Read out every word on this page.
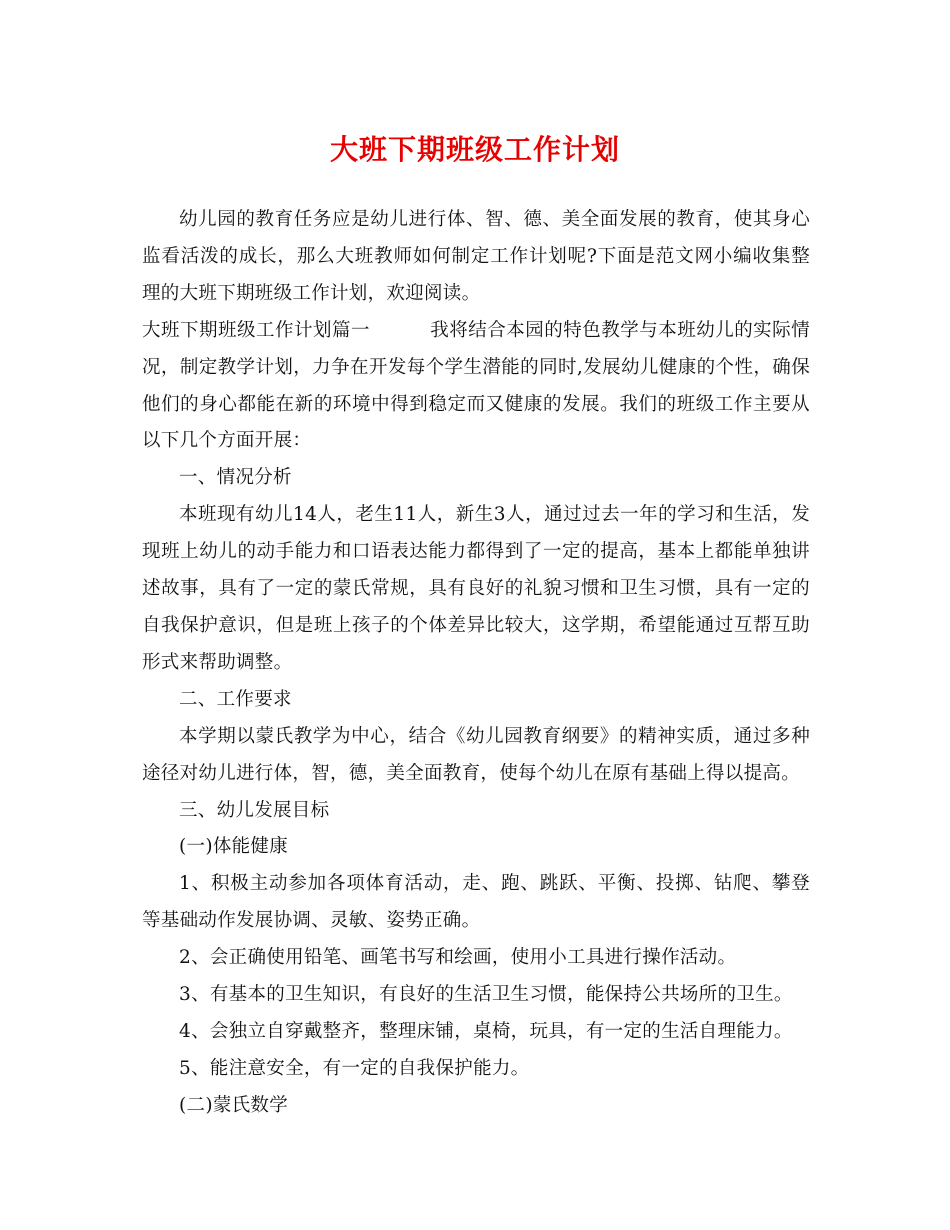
大班下期班级工作计划

幼儿园的教育任务应是幼儿进行体、智、德、美全面发展的教育，使其身心监看活泼的成长，那么大班教师如何制定工作计划呢?下面是范文网小编收集整理的大班下期班级工作计划，欢迎阅读。

大班下期班级工作计划篇一	我将结合本园的特色教学与本班幼儿的实际情况，制定教学计划，力争在开发每个学生潜能的同时,发展幼儿健康的个性，确保他们的身心都能在新的环境中得到稳定而又健康的发展。我们的班级工作主要从以下几个方面开展：

一、情况分析

本班现有幼儿14人，老生11人，新生3人，通过过去一年的学习和生活，发现班上幼儿的动手能力和口语表达能力都得到了一定的提高，基本上都能单独讲述故事，具有了一定的蒙氏常规，具有良好的礼貌习惯和卫生习惯，具有一定的自我保护意识，但是班上孩子的个体差异比较大，这学期，希望能通过互帮互助形式来帮助调整。

二、工作要求

本学期以蒙氏教学为中心，结合《幼儿园教育纲要》的精神实质，通过多种途径对幼儿进行体，智，德，美全面教育，使每个幼儿在原有基础上得以提高。

三、幼儿发展目标

(一)体能健康

1、积极主动参加各项体育活动，走、跑、跳跃、平衡、投掷、钻爬、攀登等基础动作发展协调、灵敏、姿势正确。

2、会正确使用铅笔、画笔书写和绘画，使用小工具进行操作活动。

3、有基本的卫生知识，有良好的生活卫生习惯，能保持公共场所的卫生。

4、会独立自穿戴整齐，整理床铺，桌椅，玩具，有一定的生活自理能力。

5、能注意安全，有一定的自我保护能力。

(二)蒙氏数学
